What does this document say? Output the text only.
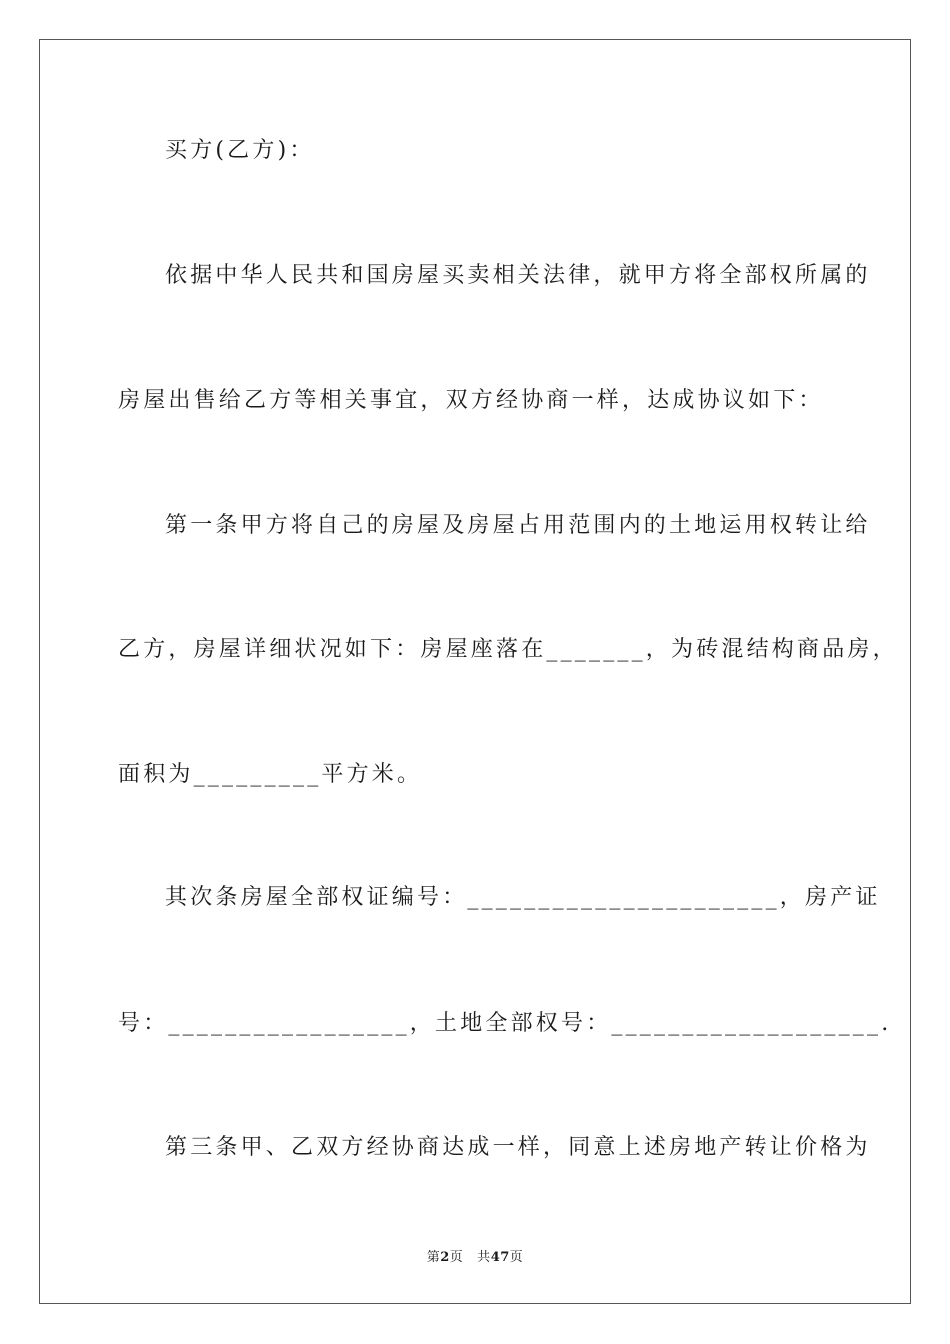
买方(乙方)：
依据中华人民共和国房屋买卖相关法律，就甲方将全部权所属的
房屋出售给乙方等相关事宜，双方经协商一样，达成协议如下：
第一条甲方将自己的房屋及房屋占用范围内的土地运用权转让给
乙方，房屋详细状况如下：房屋座落在_______，为砖混结构商品房，
面积为_________平方米。
其次条房屋全部权证编号：______________________，房产证
号：_________________，土地全部权号：___________________.
第三条甲、乙双方经协商达成一样，同意上述房地产转让价格为
第2页 共47页
